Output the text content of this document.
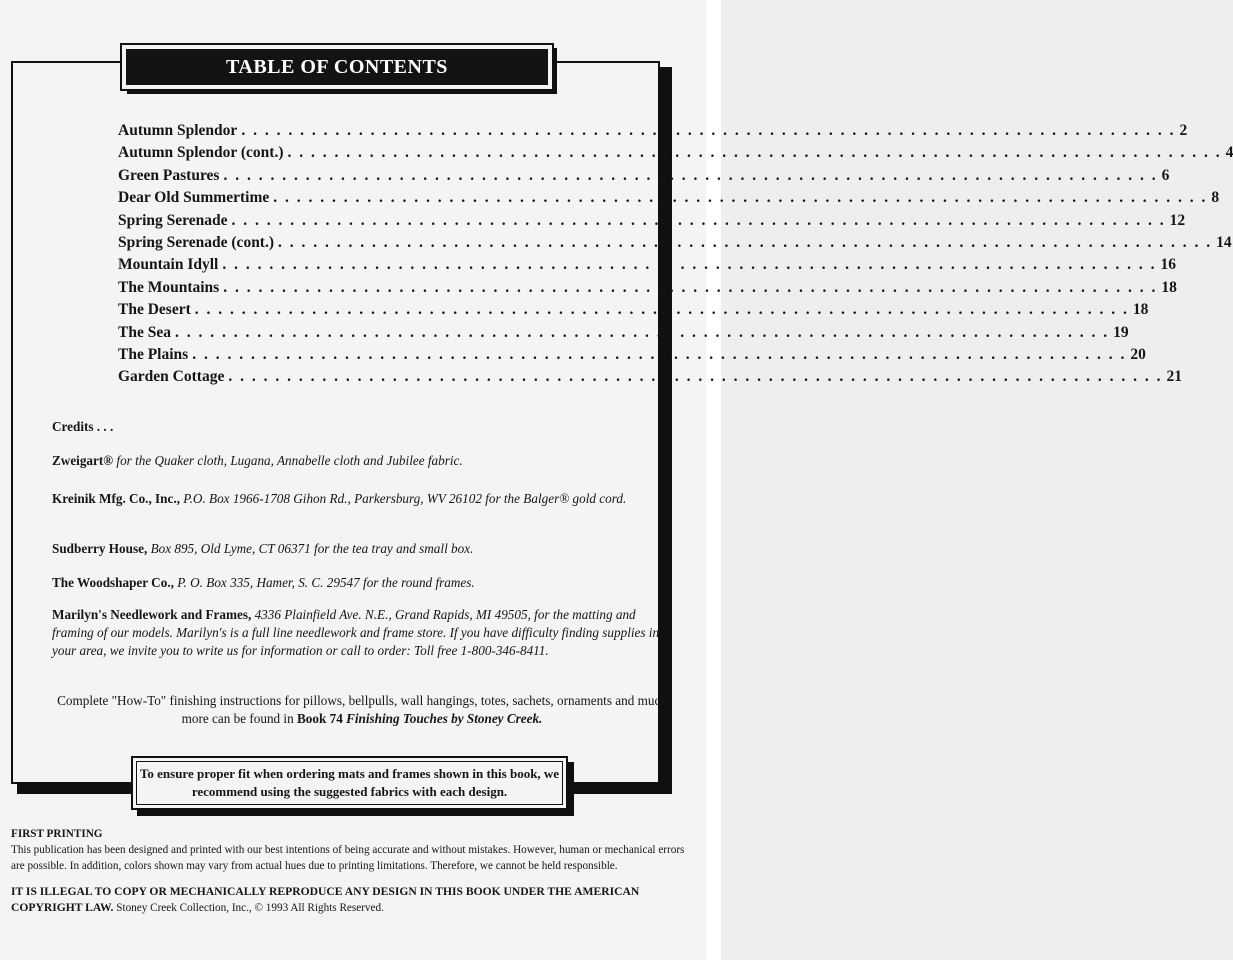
TABLE OF CONTENTS
Autumn Splendor . . . . . . . . . . . . . . . . . . . . . . . . . . . . . . . . . . . . . . . . . . . . . . . . . . . . . . . . . . . . . . . . . . . . . . . . . . . . . . . . 2
Autumn Splendor (cont.) . . . . . . . . . . . . . . . . . . . . . . . . . . . . . . . . . . . . . . . . . . . . . . . . . . . . . . . . . . . . . . . . . . . . . . . . . . . . . . . . 4
Green Pastures . . . . . . . . . . . . . . . . . . . . . . . . . . . . . . . . . . . . . . . . . . . . . . . . . . . . . . . . . . . . . . . . . . . . . . . . . . . . . . . . 6
Dear Old Summertime . . . . . . . . . . . . . . . . . . . . . . . . . . . . . . . . . . . . . . . . . . . . . . . . . . . . . . . . . . . . . . . . . . . . . . . . . . . . . . . . 8
Spring Serenade . . . . . . . . . . . . . . . . . . . . . . . . . . . . . . . . . . . . . . . . . . . . . . . . . . . . . . . . . . . . . . . . . . . . . . . . . . . . . . . . 12
Spring Serenade (cont.) . . . . . . . . . . . . . . . . . . . . . . . . . . . . . . . . . . . . . . . . . . . . . . . . . . . . . . . . . . . . . . . . . . . . . . . . . . . . . . . . 14
Mountain Idyll . . . . . . . . . . . . . . . . . . . . . . . . . . . . . . . . . . . . . . . . . . . . . . . . . . . . . . . . . . . . . . . . . . . . . . . . . . . . . . . . 16
The Mountains . . . . . . . . . . . . . . . . . . . . . . . . . . . . . . . . . . . . . . . . . . . . . . . . . . . . . . . . . . . . . . . . . . . . . . . . . . . . . . . . 18
The Desert . . . . . . . . . . . . . . . . . . . . . . . . . . . . . . . . . . . . . . . . . . . . . . . . . . . . . . . . . . . . . . . . . . . . . . . . . . . . . . . . 18
The Sea . . . . . . . . . . . . . . . . . . . . . . . . . . . . . . . . . . . . . . . . . . . . . . . . . . . . . . . . . . . . . . . . . . . . . . . . . . . . . . . . 19
The Plains . . . . . . . . . . . . . . . . . . . . . . . . . . . . . . . . . . . . . . . . . . . . . . . . . . . . . . . . . . . . . . . . . . . . . . . . . . . . . . . . 20
Garden Cottage . . . . . . . . . . . . . . . . . . . . . . . . . . . . . . . . . . . . . . . . . . . . . . . . . . . . . . . . . . . . . . . . . . . . . . . . . . . . . . . . 21
Credits . . .
Zweigart® for the Quaker cloth, Lugana, Annabelle cloth and Jubilee fabric.
Kreinik Mfg. Co., Inc., P.O. Box 1966-1708 Gihon Rd., Parkersburg, WV 26102 for the Balger® gold cord.
Sudberry House, Box 895, Old Lyme, CT 06371 for the tea tray and small box.
The Woodshaper Co., P. O. Box 335, Hamer, S. C. 29547 for the round frames.
Marilyn's Needlework and Frames, 4336 Plainfield Ave. N.E., Grand Rapids, MI 49505, for the matting and framing of our models. Marilyn's is a full line needlework and frame store. If you have difficulty finding supplies in your area, we invite you to write us for information or call to order: Toll free 1-800-346-8411.
Complete "How-To" finishing instructions for pillows, bellpulls, wall hangings, totes, sachets, ornaments and much more can be found in Book 74 Finishing Touches by Stoney Creek.
To ensure proper fit when ordering mats and frames shown in this book, we recommend using the suggested fabrics with each design.

FIRST PRINTING

This publication has been designed and printed with our best intentions of being accurate and without mistakes. However, human or mechanical errors are possible. In addition, colors shown may vary from actual hues due to printing limitations. Therefore, we cannot be held responsible.

IT IS ILLEGAL TO COPY OR MECHANICALLY REPRODUCE ANY DESIGN IN THIS BOOK UNDER THE AMERICAN COPYRIGHT LAW. Stoney Creek Collection, Inc., © 1993 All Rights Reserved.
